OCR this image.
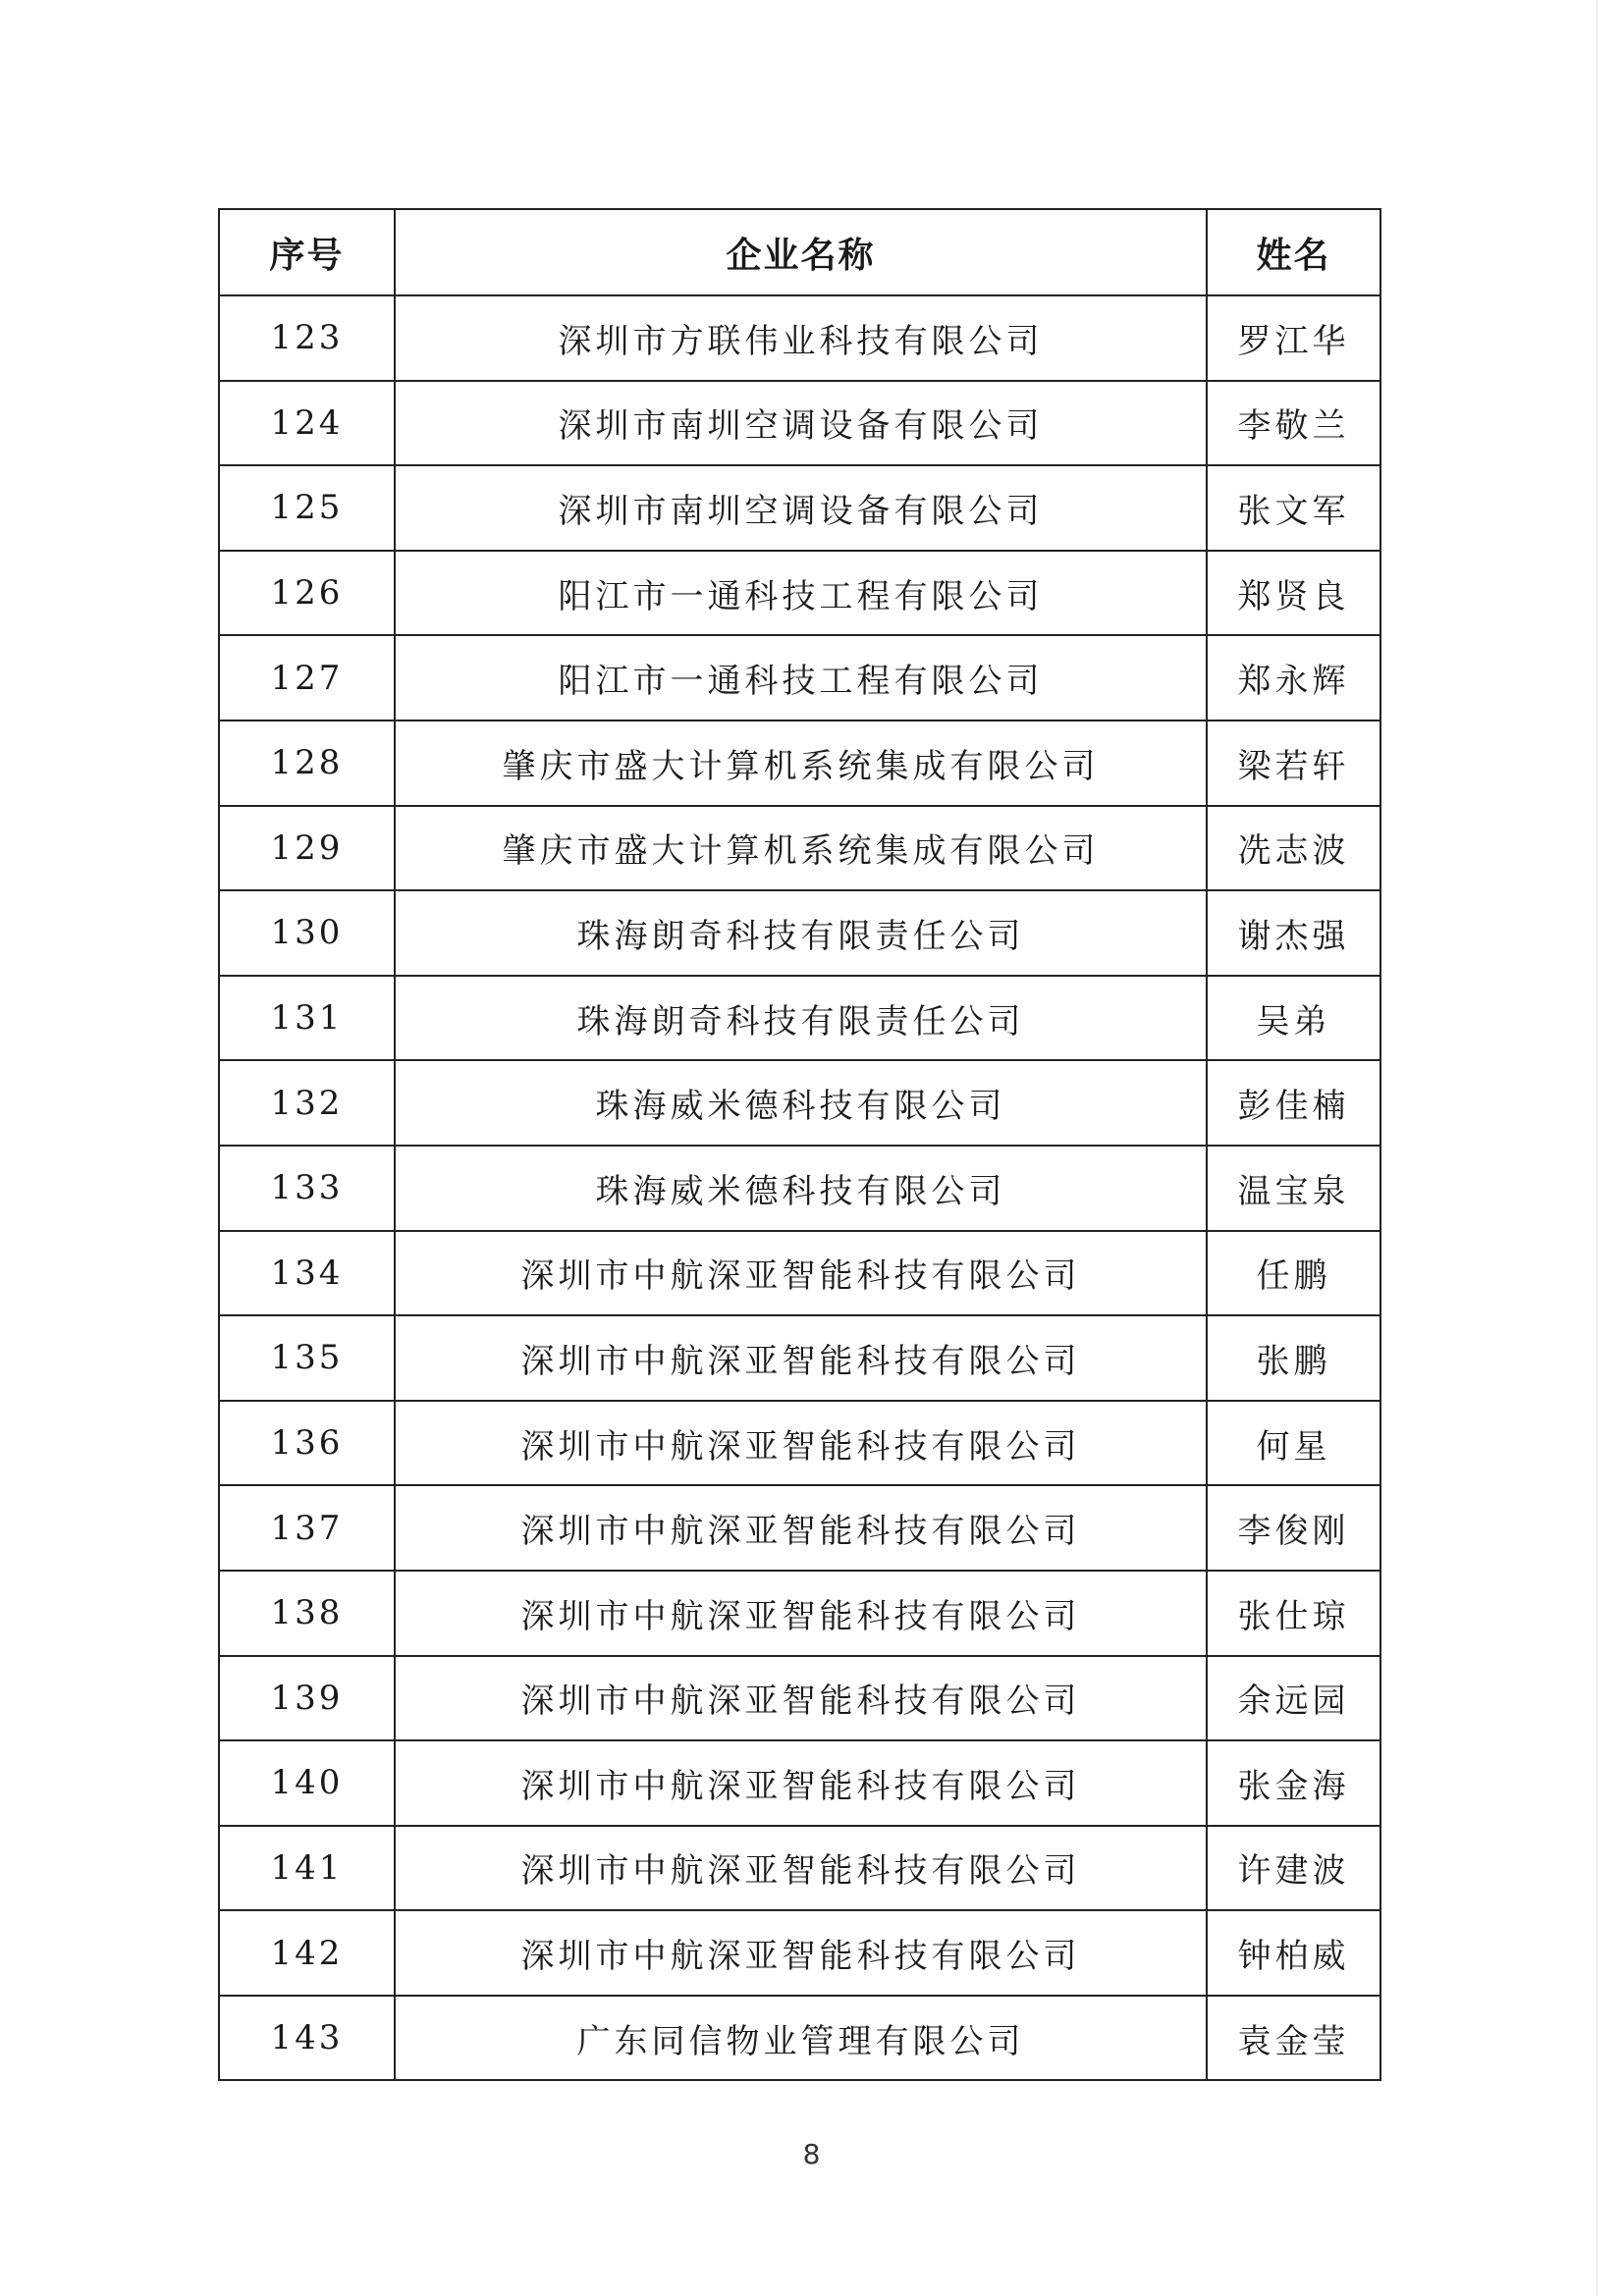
序号	企业名称	姓名
123	深圳市方联伟业科技有限公司	罗江华
124	深圳市南圳空调设备有限公司	李敬兰
125	深圳市南圳空调设备有限公司	张文军
126	阳江市一通科技工程有限公司	郑贤良
127	阳江市一通科技工程有限公司	郑永辉
128	肇庆市盛大计算机系统集成有限公司	梁若轩
129	肇庆市盛大计算机系统集成有限公司	冼志波
130	珠海朗奇科技有限责任公司	谢杰强
131	珠海朗奇科技有限责任公司	吴弟
132	珠海威米德科技有限公司	彭佳楠
133	珠海威米德科技有限公司	温宝泉
134	深圳市中航深亚智能科技有限公司	任鹏
135	深圳市中航深亚智能科技有限公司	张鹏
136	深圳市中航深亚智能科技有限公司	何星
137	深圳市中航深亚智能科技有限公司	李俊刚
138	深圳市中航深亚智能科技有限公司	张仕琼
139	深圳市中航深亚智能科技有限公司	余远园
140	深圳市中航深亚智能科技有限公司	张金海
141	深圳市中航深亚智能科技有限公司	许建波
142	深圳市中航深亚智能科技有限公司	钟柏威
143	广东同信物业管理有限公司	袁金莹
8
